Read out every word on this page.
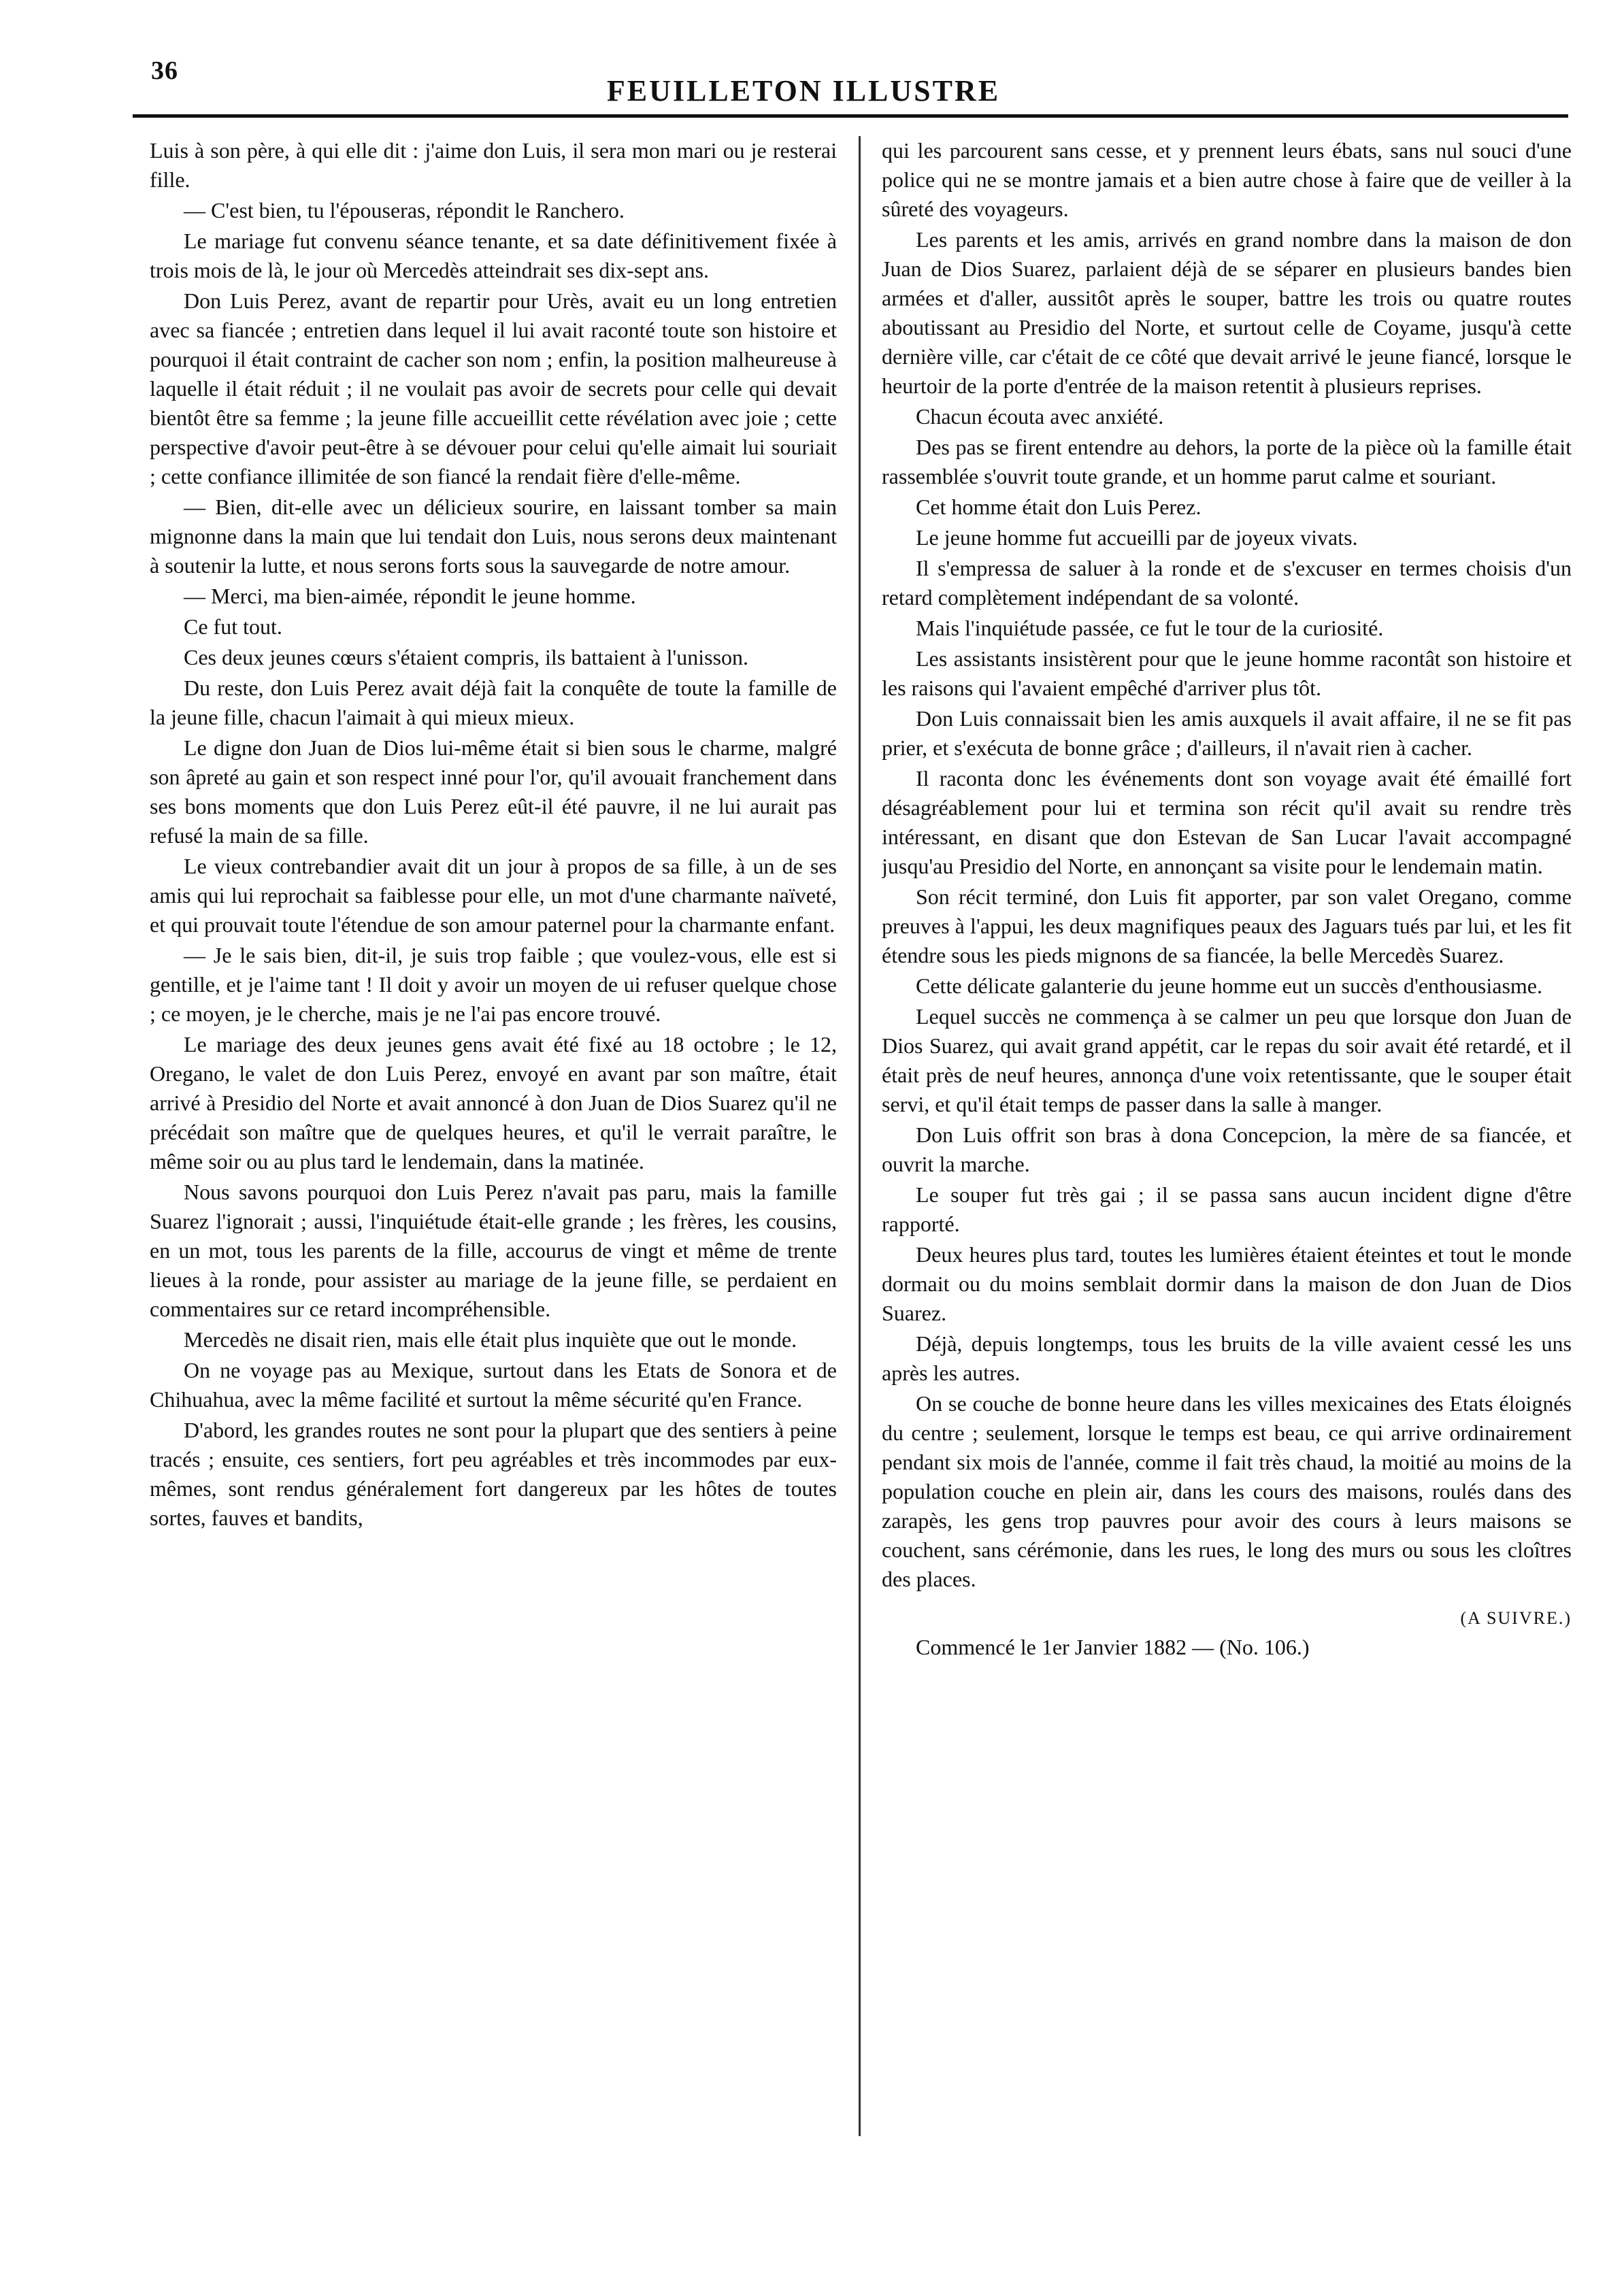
36
FEUILLETON ILLUSTRE

Luis à son père, à qui elle dit : j'aime don Luis, il sera mon mari ou je resterai fille.

— C'est bien, tu l'épouseras, répondit le Ranchero.

Le mariage fut convenu séance tenante, et sa date définitivement fixée à trois mois de là, le jour où Mercedès atteindrait ses dix-sept ans.

Don Luis Perez, avant de repartir pour Urès, avait eu un long entretien avec sa fiancée ; entretien dans lequel il lui avait raconté toute son histoire et pourquoi il était contraint de cacher son nom ; enfin, la position malheureuse à laquelle il était réduit ; il ne voulait pas avoir de secrets pour celle qui devait bientôt être sa femme ; la jeune fille accueillit cette révélation avec joie ; cette perspective d'avoir peut-être à se dévouer pour celui qu'elle aimait lui souriait ; cette confiance illimitée de son fiancé la rendait fière d'elle-même.

— Bien, dit-elle avec un délicieux sourire, en laissant tomber sa main mignonne dans la main que lui tendait don Luis, nous serons deux maintenant à soutenir la lutte, et nous serons forts sous la sauvegarde de notre amour.

— Merci, ma bien-aimée, répondit le jeune homme.

Ce fut tout.

Ces deux jeunes cœurs s'étaient compris, ils battaient à l'unisson.

Du reste, don Luis Perez avait déjà fait la conquête de toute la famille de la jeune fille, chacun l'aimait à qui mieux mieux.

Le digne don Juan de Dios lui-même était si bien sous le charme, malgré son âpreté au gain et son respect inné pour l'or, qu'il avouait franchement dans ses bons moments que don Luis Perez eût-il été pauvre, il ne lui aurait pas refusé la main de sa fille.

Le vieux contrebandier avait dit un jour à propos de sa fille, à un de ses amis qui lui reprochait sa faiblesse pour elle, un mot d'une charmante naïveté, et qui prouvait toute l'étendue de son amour paternel pour la charmante enfant.

— Je le sais bien, dit-il, je suis trop faible ; que voulez-vous, elle est si gentille, et je l'aime tant ! Il doit y avoir un moyen de ui refuser quelque chose ; ce moyen, je le cherche, mais je ne l'ai pas encore trouvé.

Le mariage des deux jeunes gens avait été fixé au 18 octobre ; le 12, Oregano, le valet de don Luis Perez, envoyé en avant par son maître, était arrivé à Presidio del Norte et avait annoncé à don Juan de Dios Suarez qu'il ne précédait son maître que de quelques heures, et qu'il le verrait paraître, le même soir ou au plus tard le lendemain, dans la matinée.

Nous savons pourquoi don Luis Perez n'avait pas paru, mais la famille Suarez l'ignorait ; aussi, l'inquiétude était-elle grande ; les frères, les cousins, en un mot, tous les parents de la fille, accourus de vingt et même de trente lieues à la ronde, pour assister au mariage de la jeune fille, se perdaient en commentaires sur ce retard incompréhensible.

Mercedès ne disait rien, mais elle était plus inquiète que out le monde.

On ne voyage pas au Mexique, surtout dans les Etats de Sonora et de Chihuahua, avec la même facilité et surtout la même sécurité qu'en France.

D'abord, les grandes routes ne sont pour la plupart que des sentiers à peine tracés ; ensuite, ces sentiers, fort peu agréables et très incommodes par eux-mêmes, sont rendus généralement fort dangereux par les hôtes de toutes sortes, fauves et bandits,

qui les parcourent sans cesse, et y prennent leurs ébats, sans nul souci d'une police qui ne se montre jamais et a bien autre chose à faire que de veiller à la sûreté des voyageurs.

Les parents et les amis, arrivés en grand nombre dans la maison de don Juan de Dios Suarez, parlaient déjà de se séparer en plusieurs bandes bien armées et d'aller, aussitôt après le souper, battre les trois ou quatre routes aboutissant au Presidio del Norte, et surtout celle de Coyame, jusqu'à cette dernière ville, car c'était de ce côté que devait arrivé le jeune fiancé, lorsque le heurtoir de la porte d'entrée de la maison retentit à plusieurs reprises.

Chacun écouta avec anxiété.

Des pas se firent entendre au dehors, la porte de la pièce où la famille était rassemblée s'ouvrit toute grande, et un homme parut calme et souriant.

Cet homme était don Luis Perez.

Le jeune homme fut accueilli par de joyeux vivats.

Il s'empressa de saluer à la ronde et de s'excuser en termes choisis d'un retard complètement indépendant de sa volonté.

Mais l'inquiétude passée, ce fut le tour de la curiosité.

Les assistants insistèrent pour que le jeune homme racontât son histoire et les raisons qui l'avaient empêché d'arriver plus tôt.

Don Luis connaissait bien les amis auxquels il avait affaire, il ne se fit pas prier, et s'exécuta de bonne grâce ; d'ailleurs, il n'avait rien à cacher.

Il raconta donc les événements dont son voyage avait été émaillé fort désagréablement pour lui et termina son récit qu'il avait su rendre très intéressant, en disant que don Estevan de San Lucar l'avait accompagné jusqu'au Presidio del Norte, en annonçant sa visite pour le lendemain matin.

Son récit terminé, don Luis fit apporter, par son valet Oregano, comme preuves à l'appui, les deux magnifiques peaux des Jaguars tués par lui, et les fit étendre sous les pieds mignons de sa fiancée, la belle Mercedès Suarez.

Cette délicate galanterie du jeune homme eut un succès d'enthousiasme.

Lequel succès ne commença à se calmer un peu que lorsque don Juan de Dios Suarez, qui avait grand appétit, car le repas du soir avait été retardé, et il était près de neuf heures, annonça d'une voix retentissante, que le souper était servi, et qu'il était temps de passer dans la salle à manger.

Don Luis offrit son bras à dona Concepcion, la mère de sa fiancée, et ouvrit la marche.

Le souper fut très gai ; il se passa sans aucun incident digne d'être rapporté.

Deux heures plus tard, toutes les lumières étaient éteintes et tout le monde dormait ou du moins semblait dormir dans la maison de don Juan de Dios Suarez.

Déjà, depuis longtemps, tous les bruits de la ville avaient cessé les uns après les autres.

On se couche de bonne heure dans les villes mexicaines des Etats éloignés du centre ; seulement, lorsque le temps est beau, ce qui arrive ordinairement pendant six mois de l'année, comme il fait très chaud, la moitié au moins de la population couche en plein air, dans les cours des maisons, roulés dans des zarapès, les gens trop pauvres pour avoir des cours à leurs maisons se couchent, sans cérémonie, dans les rues, le long des murs ou sous les cloîtres des places.

(A SUIVRE.)

Commencé le 1er Janvier 1882 — (No. 106.)
